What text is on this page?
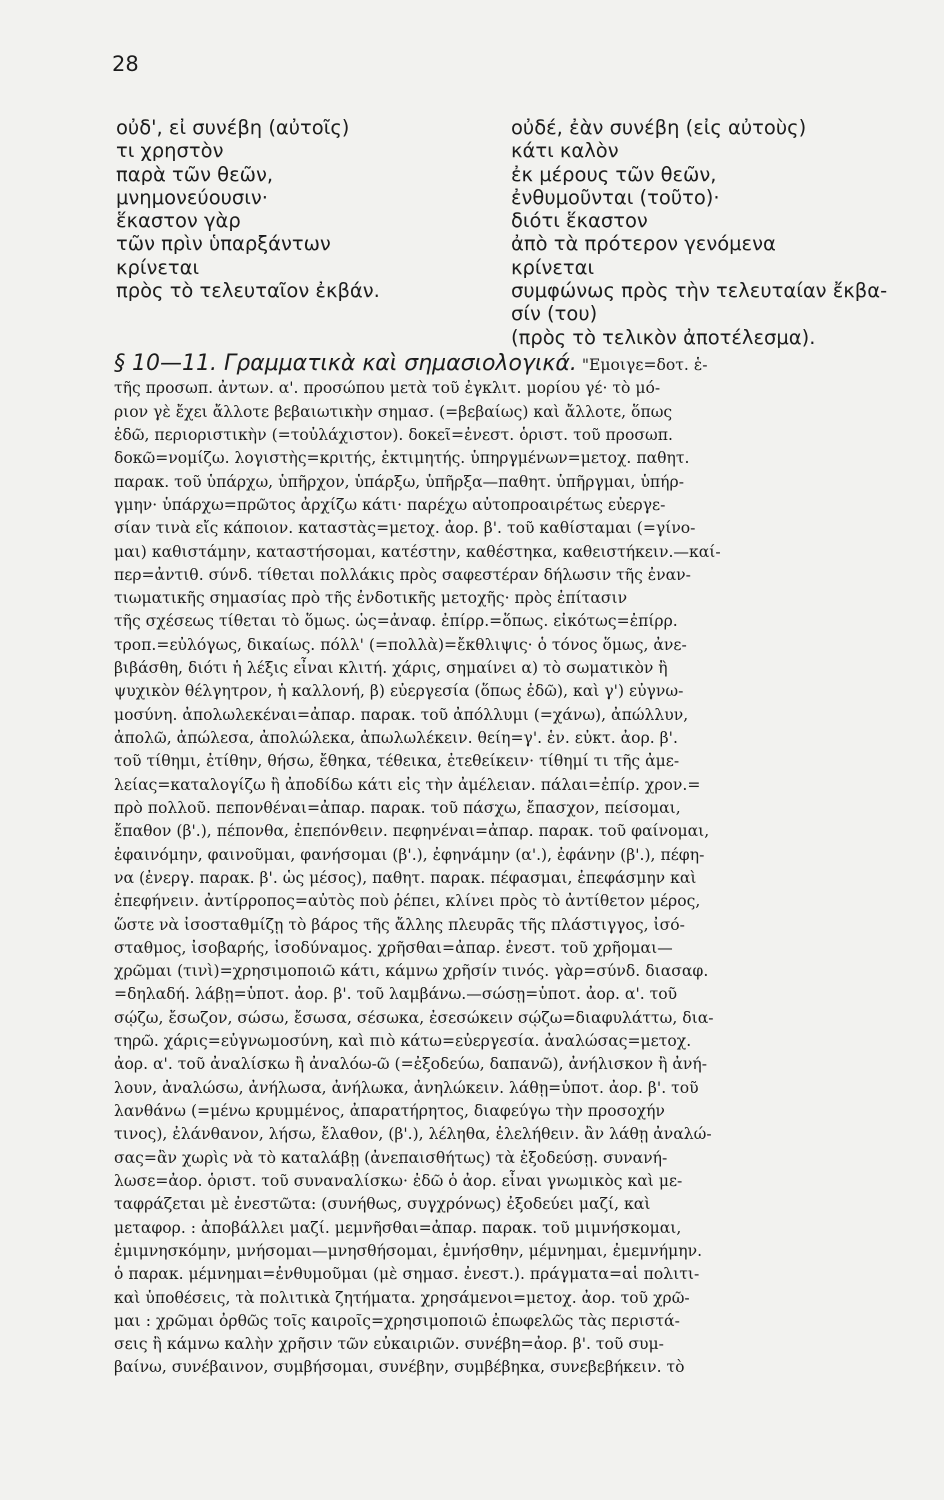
28
οὐδ', εἰ συνέβη (αὐτοῖς)
τι χρηστὸν
παρὰ τῶν θεῶν,
μνημονεύουσιν·
ἕκαστον γὰρ
τῶν πρὶν ὑπαρξάντων
κρίνεται
πρὸς τὸ τελευταῖον ἐκβάν.
οὐδέ, ἐὰν συνέβη (εἰς αὐτοὺς)
κάτι καλὸν
ἐκ μέρους τῶν θεῶν,
ἐνθυμοῦνται (τοῦτο)·
διότι ἕκαστον
ἀπὸ τὰ πρότερον γενόμενα
κρίνεται
συμφώνως πρὸς τὴν τελευταίαν ἔκβα-
σίν (του)
(πρὸς τὸ τελικὸν ἀποτέλεσμα).
§ 10—11. Γραμματικὰ καὶ σημασιολογικά. "Εμοιγε=δοτ. ἑ-
τῆς προσωπ. ἀντων. α'. προσώπου μετὰ τοῦ ἐγκλιτ. μορίου γέ· τὸ μό-
ριον γὲ ἔχει ἄλλοτε βεβαιωτικὴν σημασ. (=βεβαίως) καὶ ἄλλοτε, ὅπως
ἐδῶ, περιοριστικὴν (=τοὐλάχιστον). δοκεῖ=ἐνεστ. ὁριστ. τοῦ προσωπ.
δοκῶ=νομίζω. λογιστὴς=κριτής, ἐκτιμητής. ὑπηργμένων=μετοχ. παθητ.
παρακ. τοῦ ὑπάρχω, ὑπῆρχον, ὑπάρξω, ὑπῆρξα—παθητ. ὑπῆργμαι, ὑπήρ-
γμην· ὑπάρχω=πρῶτος ἀρχίζω κάτι· παρέχω αὐτοπροαιρέτως εὐεργε-
σίαν τινὰ εἴς κάποιον. καταστὰς=μετοχ. ἀορ. β'. τοῦ καθίσταμαι (=γίνο-
μαι) καθιστάμην, καταστήσομαι, κατέστην, καθέστηκα, καθειστήκειν.—καί-
περ=ἀντιθ. σύνδ. τίθεται πολλάκις πρὸς σαφεστέραν δήλωσιν τῆς ἐναν-
τιωματικῆς σημασίας πρὸ τῆς ἐνδοτικῆς μετοχῆς· πρὸς ἐπίτασιν
τῆς σχέσεως τίθεται τὸ ὅμως. ὡς=ἀναφ. ἐπίρρ.=ὅπως. εἰκότως=ἐπίρρ.
τροπ.=εὐλόγως, δικαίως. πόλλ' (=πολλὰ)=ἔκθλιψις· ὁ τόνος ὅμως, ἀνε-
βιβάσθη, διότι ἡ λέξις εἶναι κλιτή. χάρις, σημαίνει α) τὸ σωματικὸν ἢ
ψυχικὸν θέλγητρον, ἡ καλλονή, β) εὐεργεσία (ὅπως ἐδῶ), καὶ γ') εὐγνω-
μοσύνη. ἀπολωλεκέναι=ἀπαρ. παρακ. τοῦ ἀπόλλυμι (=χάνω), ἀπώλλυν,
ἀπολῶ, ἀπώλεσα, ἀπολώλεκα, ἀπωλωλέκειν. θείη=γ'. ἑν. εὐκτ. ἀορ. β'.
τοῦ τίθημι, ἐτίθην, θήσω, ἔθηκα, τέθεικα, ἐτεθείκειν· τίθημί τι τῆς ἀμε-
λείας=καταλογίζω ἢ ἀποδίδω κάτι εἰς τὴν ἀμέλειαν. πάλαι=ἐπίρ. χρον.=
πρὸ πολλοῦ. πεπονθέναι=ἀπαρ. παρακ. τοῦ πάσχω, ἔπασχον, πείσομαι,
ἔπαθον (β'.), πέπονθα, ἐπεπόνθειν. πεφηνέναι=ἀπαρ. παρακ. τοῦ φαίνομαι,
ἐφαινόμην, φαινοῦμαι, φανήσομαι (β'.), ἐφηνάμην (α'.), ἐφάνην (β'.), πέφη-
να (ἐνεργ. παρακ. β'. ὡς μέσος), παθητ. παρακ. πέφασμαι, ἐπεφάσμην καὶ
ἐπεφήνειν. ἀντίρροπος=αὐτὸς ποὺ ῥέπει, κλίνει πρὸς τὸ ἀντίθετον μέρος,
ὥστε νὰ ἰσοσταθμίζῃ τὸ βάρος τῆς ἄλλης πλευρᾶς τῆς πλάστιγγος, ἰσό-
σταθμος, ἰσοβαρής, ἰσοδύναμος. χρῆσθαι=ἀπαρ. ἐνεστ. τοῦ χρῆομαι—
χρῶμαι (τινὶ)=χρησιμοποιῶ κάτι, κάμνω χρῆσίν τινός. γὰρ=σύνδ. διασαφ.
=δηλαδή. λάβῃ=ὑποτ. ἀορ. β'. τοῦ λαμβάνω.—σώσῃ=ὑποτ. ἀορ. α'. τοῦ
σῴζω, ἔσωζον, σώσω, ἔσωσα, σέσωκα, ἐσεσώκειν σῴζω=διαφυλάττω, δια-
τηρῶ. χάρις=εὐγνωμοσύνη, καὶ πιὸ κάτω=εὐεργεσία. ἀναλώσας=μετοχ.
ἀορ. α'. τοῦ ἀναλίσκω ἢ ἀναλόω-ῶ (=ἐξοδεύω, δαπανῶ), ἀνήλισκον ἢ ἀνή-
λουν, ἀναλώσω, ἀνήλωσα, ἀνήλωκα, ἀνηλώκειν. λάθῃ=ὑποτ. ἀορ. β'. τοῦ
λανθάνω (=μένω κρυμμένος, ἀπαρατήρητος, διαφεύγω τὴν προσοχήν
τινος), ἐλάνθανον, λήσω, ἔλαθον, (β'.), λέληθα, ἐλελήθειν. ἂν λάθῃ ἀναλώ-
σας=ἂν χωρὶς νὰ τὸ καταλάβῃ (ἀνεπαισθήτως) τὰ ἐξοδεύσῃ. συνανή-
λωσε=ἀορ. ὁριστ. τοῦ συναναλίσκω· ἐδῶ ὁ ἀορ. εἶναι γνωμικὸς καὶ με-
ταφράζεται μὲ ἐνεστῶτα: (συνήθως, συγχρόνως) ἐξοδεύει μαζί, καὶ
μεταφορ. : ἀποβάλλει μαζί. μεμνῆσθαι=ἀπαρ. παρακ. τοῦ μιμνήσκομαι,
ἐμιμνησκόμην, μνήσομαι—μνησθήσομαι, ἐμνήσθην, μέμνημαι, ἐμεμνήμην.
ὁ παρακ. μέμνημαι=ἐνθυμοῦμαι (μὲ σημασ. ἐνεστ.). πράγματα=αἱ πολιτι-
καὶ ὑποθέσεις, τὰ πολιτικὰ ζητήματα. χρησάμενοι=μετοχ. ἀορ. τοῦ χρῶ-
μαι : χρῶμαι ὀρθῶς τοῖς καιροῖς=χρησιμοποιῶ ἐπωφελῶς τὰς περιστά-
σεις ἢ κάμνω καλὴν χρῆσιν τῶν εὐκαιριῶν. συνέβη=ἀορ. β'. τοῦ συμ-
βαίνω, συνέβαινον, συμβήσομαι, συνέβην, συμβέβηκα, συνεβεβήκειν. τὸ
